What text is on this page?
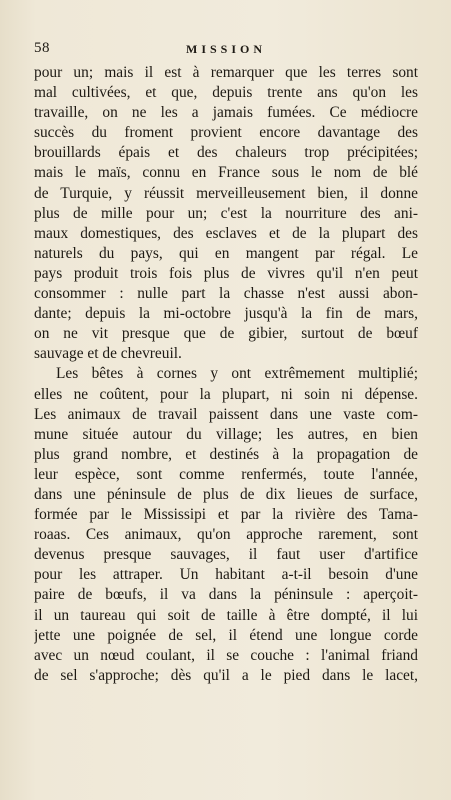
58	MISSION
pour un; mais il est à remarquer que les terres sont
mal cultivées, et que, depuis trente ans qu'on les
travaille, on ne les a jamais fumées. Ce médiocre
succès du froment provient encore davantage des
brouillards épais et des chaleurs trop précipitées;
mais le maïs, connu en France sous le nom de blé
de Turquie, y réussit merveilleusement bien, il donne
plus de mille pour un; c'est la nourriture des ani-
maux domestiques, des esclaves et de la plupart des
naturels du pays, qui en mangent par régal. Le
pays produit trois fois plus de vivres qu'il n'en peut
consommer : nulle part la chasse n'est aussi abon-
dante; depuis la mi-octobre jusqu'à la fin de mars,
on ne vit presque que de gibier, surtout de bœuf
sauvage et de chevreuil.
Les bêtes à cornes y ont extrêmement multiplié;
elles ne coûtent, pour la plupart, ni soin ni dépense.
Les animaux de travail paissent dans une vaste com-
mune située autour du village; les autres, en bien
plus grand nombre, et destinés à la propagation de
leur espèce, sont comme renfermés, toute l'année,
dans une péninsule de plus de dix lieues de surface,
formée par le Mississipi et par la rivière des Tama-
roaas. Ces animaux, qu'on approche rarement, sont
devenus presque sauvages, il faut user d'artifice
pour les attraper. Un habitant a-t-il besoin d'une
paire de bœufs, il va dans la péninsule : aperçoit-
il un taureau qui soit de taille à être dompté, il lui
jette une poignée de sel, il étend une longue corde
avec un nœud coulant, il se couche : l'animal friand
de sel s'approche; dès qu'il a le pied dans le lacet,
